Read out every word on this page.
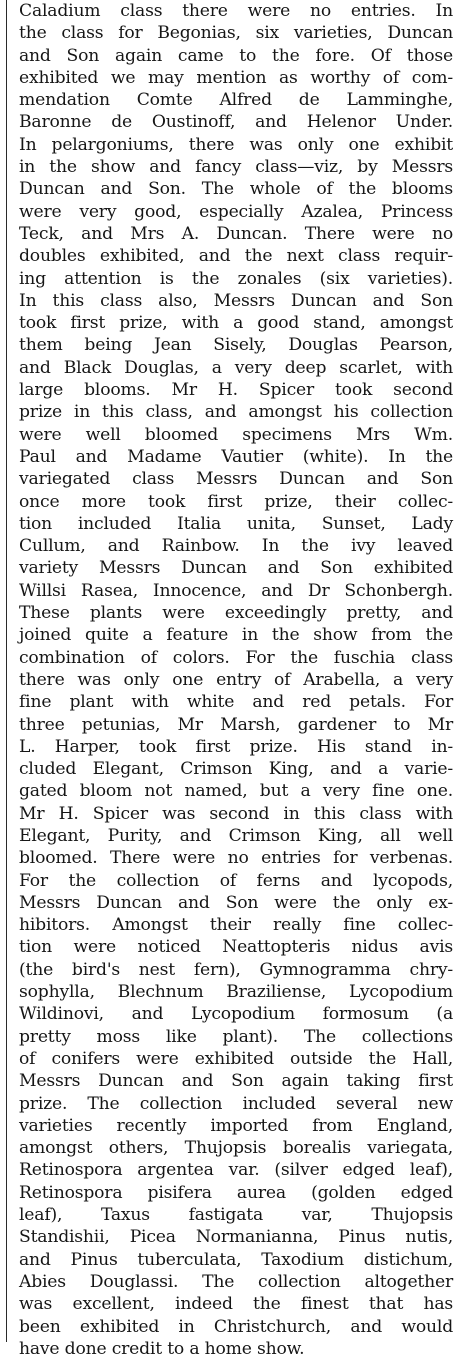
Caladium class there were no entries. In
the class for Begonias, six varieties, Duncan
and Son again came to the fore. Of those
exhibited we may mention as worthy of com-
mendation Comte Alfred de Lamminghe,
Baronne de Oustinoff, and Helenor Under.
In pelargoniums, there was only one exhibit
in the show and fancy class—viz, by Messrs
Duncan and Son. The whole of the blooms
were very good, especially Azalea, Princess
Teck, and Mrs A. Duncan. There were no
doubles exhibited, and the next class requir-
ing attention is the zonales (six varieties).
In this class also, Messrs Duncan and Son
took first prize, with a good stand, amongst
them being Jean Sisely, Douglas Pearson,
and Black Douglas, a very deep scarlet, with
large blooms. Mr H. Spicer took second
prize in this class, and amongst his collection
were well bloomed specimens Mrs Wm.
Paul and Madame Vautier (white). In the
variegated class Messrs Duncan and Son
once more took first prize, their collec-
tion included Italia unita, Sunset, Lady
Cullum, and Rainbow. In the ivy leaved
variety Messrs Duncan and Son exhibited
Willsi Rasea, Innocence, and Dr Schonbergh.
These plants were exceedingly pretty, and
joined quite a feature in the show from the
combination of colors. For the fuschia class
there was only one entry of Arabella, a very
fine plant with white and red petals. For
three petunias, Mr Marsh, gardener to Mr
L. Harper, took first prize. His stand in-
cluded Elegant, Crimson King, and a varie-
gated bloom not named, but a very fine one.
Mr H. Spicer was second in this class with
Elegant, Purity, and Crimson King, all well
bloomed. There were no entries for verbenas.
For the collection of ferns and lycopods,
Messrs Duncan and Son were the only ex-
hibitors. Amongst their really fine collec-
tion were noticed Neattopteris nidus avis
(the bird's nest fern), Gymnogramma chry-
sophylla, Blechnum Braziliense, Lycopodium
Wildinovi, and Lycopodium formosum (a
pretty moss like plant). The collections
of conifers were exhibited outside the Hall,
Messrs Duncan and Son again taking first
prize. The collection included several new
varieties recently imported from England,
amongst others, Thujopsis borealis variegata,
Retinospora argentea var. (silver edged leaf),
Retinospora pisifera aurea (golden edged
leaf), Taxus fastigata var, Thujopsis
Standishii, Picea Normanianna, Pinus nutis,
and Pinus tuberculata, Taxodium distichum,
Abies Douglassi. The collection altogether
was excellent, indeed the finest that has
been exhibited in Christchurch, and would
have done credit to a home show.
